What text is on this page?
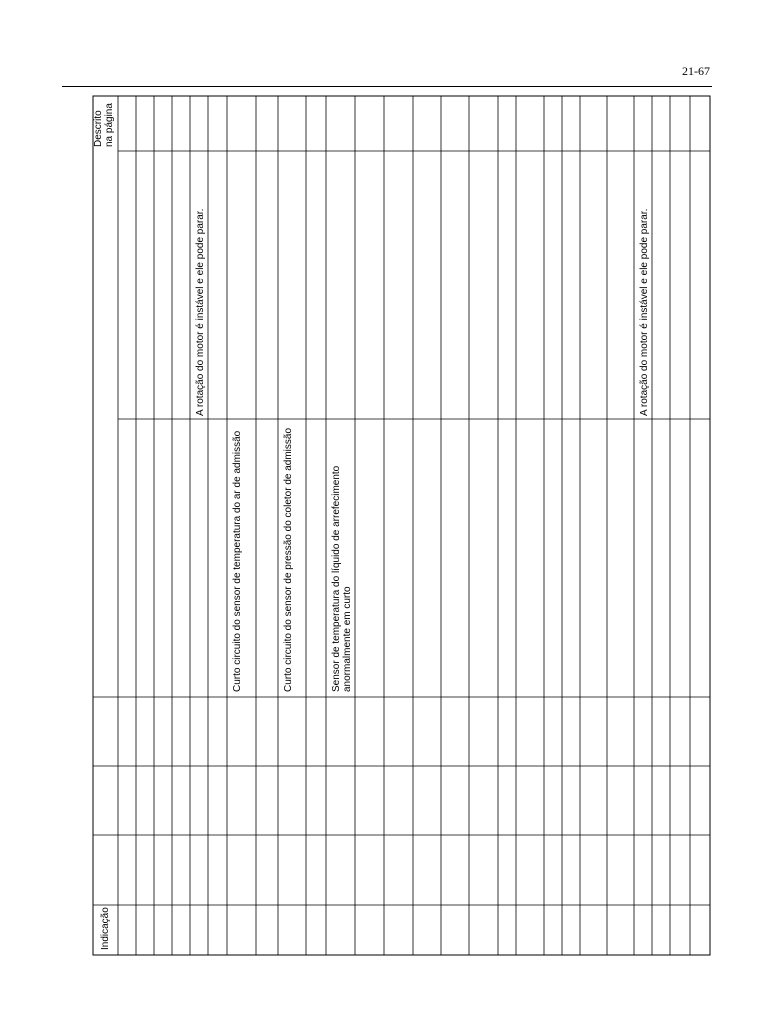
21-67
Indicação
Descrito na página
A rotação do motor é instável e ele pode parar.
Curto circuito do sensor de temperatura do ar de admissão	Curto circuito do sensor de pressão do coletor de admissão	Sensor de temperatura do líquido de arrefecimento anormalmente em curto
A rotação do motor é instável e ele pode parar.
